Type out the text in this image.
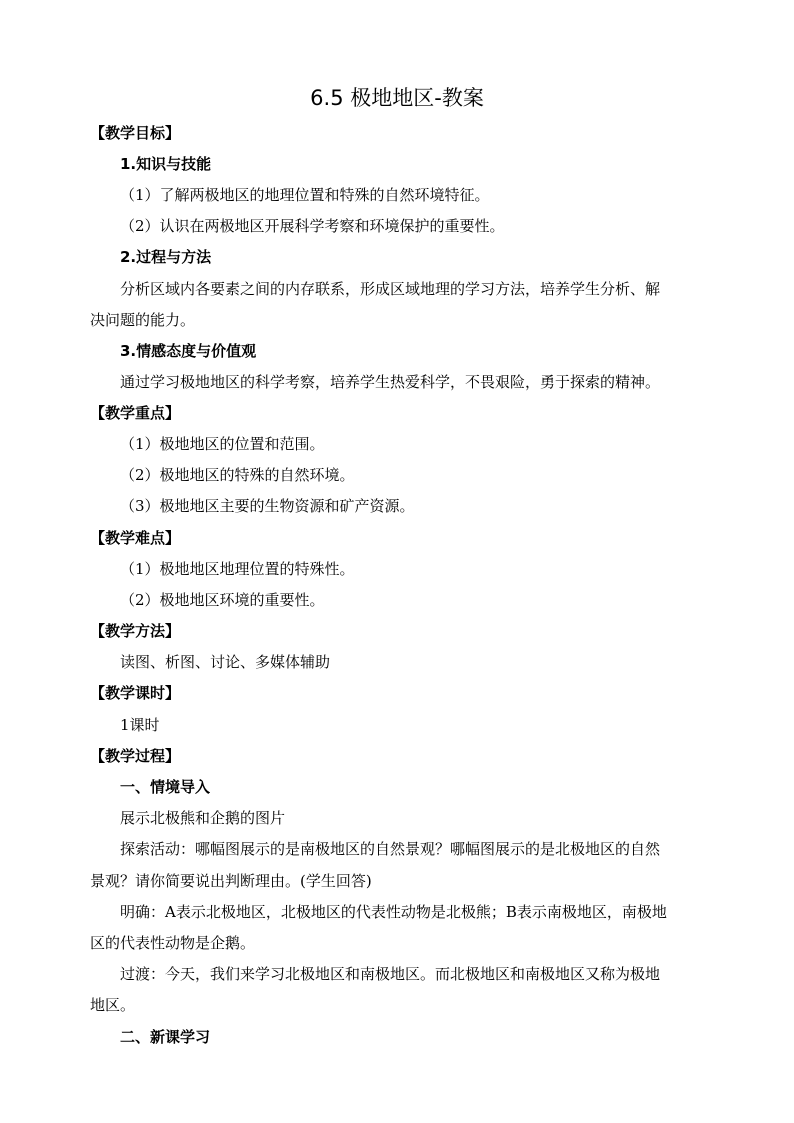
6.5 极地地区-教案
【教学目标】
1.知识与技能
（1）了解两极地区的地理位置和特殊的自然环境特征。
（2）认识在两极地区开展科学考察和环境保护的重要性。
2.过程与方法
分析区域内各要素之间的内存联系，形成区域地理的学习方法，培养学生分析、解
决问题的能力。
3.情感态度与价值观
通过学习极地地区的科学考察，培养学生热爱科学，不畏艰险，勇于探索的精神。
【教学重点】
（1）极地地区的位置和范围。
（2）极地地区的特殊的自然环境。
（3）极地地区主要的生物资源和矿产资源。
【教学难点】
（1）极地地区地理位置的特殊性。
（2）极地地区环境的重要性。
【教学方法】
读图、析图、讨论、多媒体辅助
【教学课时】
1课时
【教学过程】
一、情境导入
展示北极熊和企鹅的图片
探索活动：哪幅图展示的是南极地区的自然景观？哪幅图展示的是北极地区的自然
景观？请你简要说出判断理由。(学生回答)
明确：A表示北极地区，北极地区的代表性动物是北极熊；B表示南极地区，南极地
区的代表性动物是企鹅。
过渡：今天，我们来学习北极地区和南极地区。而北极地区和南极地区又称为极地
地区。
二、新课学习
